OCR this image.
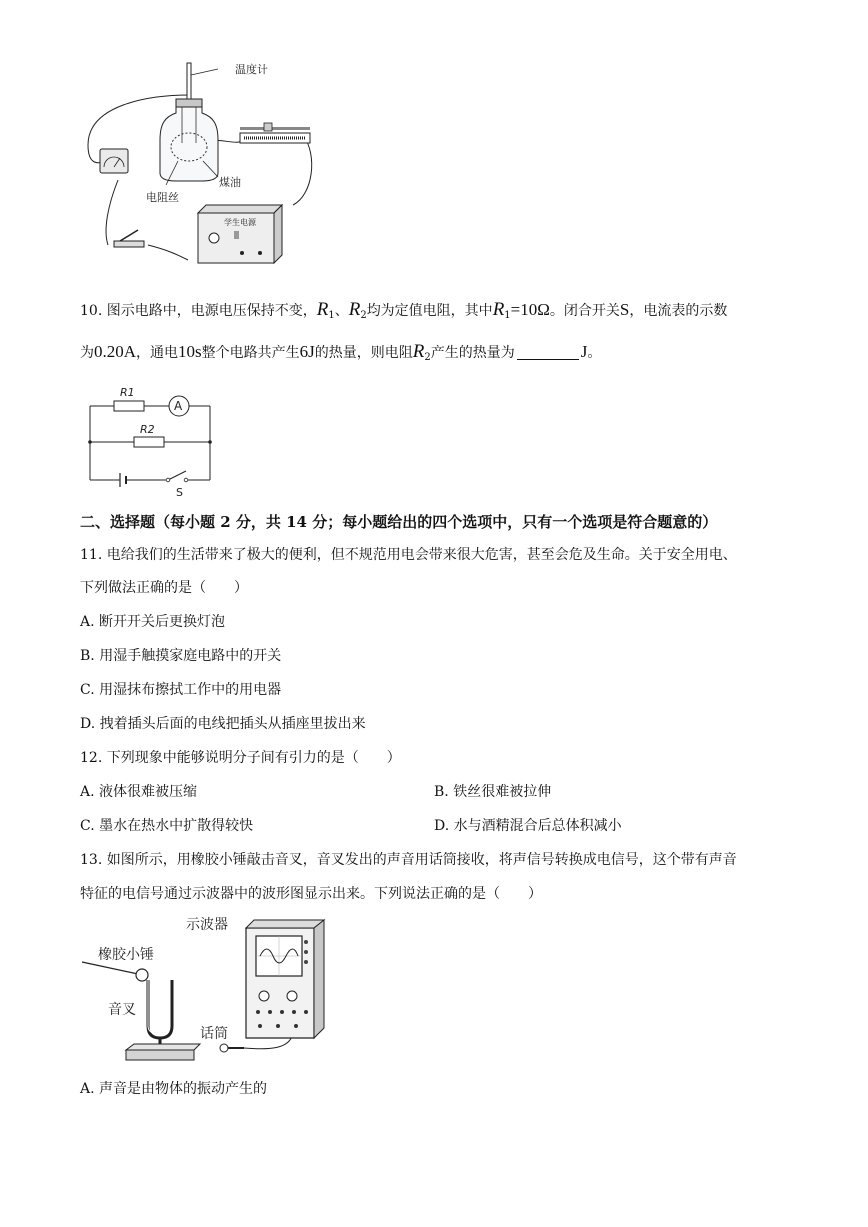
温度计
煤油
电阻丝
学生电源
10. 图示电路中，电源电压保持不变，$R_1$、$R_2$均为定值电阻，其中$R_1=10\Omega$。闭合开关S，电流表的示数
为0.20A，通电10s整个电路共产生6J的热量，则电阻$R_2$产生的热量为	J。
A
R1
R2
S
二、选择题（每小题 2 分，共 14 分；每小题给出的四个选项中，只有一个选项是符合题意的）
11. 电给我们的生活带来了极大的便利，但不规范用电会带来很大危害，甚至会危及生命。关于安全用电、
下列做法正确的是（　　）
A. 断开开关后更换灯泡
B. 用湿手触摸家庭电路中的开关
C. 用湿抹布擦拭工作中的用电器
D. 拽着插头后面的电线把插头从插座里拔出来
12. 下列现象中能够说明分子间有引力的是（　　）
A. 液体很难被压缩	B. 铁丝很难被拉伸
C. 墨水在热水中扩散得较快	D. 水与酒精混合后总体积减小
13. 如图所示，用橡胶小锤敲击音叉，音叉发出的声音用话筒接收，将声信号转换成电信号，这个带有声音
特征的电信号通过示波器中的波形图显示出来。下列说法正确的是（　　）
示波器
橡胶小锤
音叉
话筒
A. 声音是由物体的振动产生的
